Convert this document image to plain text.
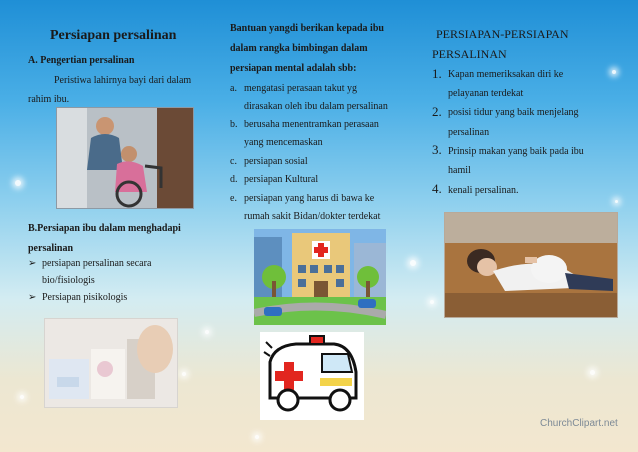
Persiapan persalinan
A. Pengertian persalinan
Peristiwa lahirnya bayi dari dalam
rahim ibu.
B.Persiapan ibu dalam menghadapi
persalinan
➢ persiapan persalinan secara
bio/fisiologis
➢ Persiapan pisikologis
Bantuan yangdi berikan kepada ibu
dalam rangka bimbingan dalam
persiapan mental adalah sbb:
a. mengatasi perasaan takut yg
dirasakan oleh ibu dalam persalinan
b. berusaha menentramkan perasaan
yang mencemaskan
c. persiapan sosial
d. persiapan Kultural
e. persiapan yang harus di bawa ke
rumah sakit Bidan/dokter terdekat
PERSIAPAN-PERSIAPAN
PERSALINAN
1. Kapan memeriksakan diri ke
pelayanan terdekat
2. posisi tidur yang baik menjelang
persalinan
3. Prinsip makan yang baik pada ibu
hamil
4. kenali persalinan.
ChurchClipart.net
